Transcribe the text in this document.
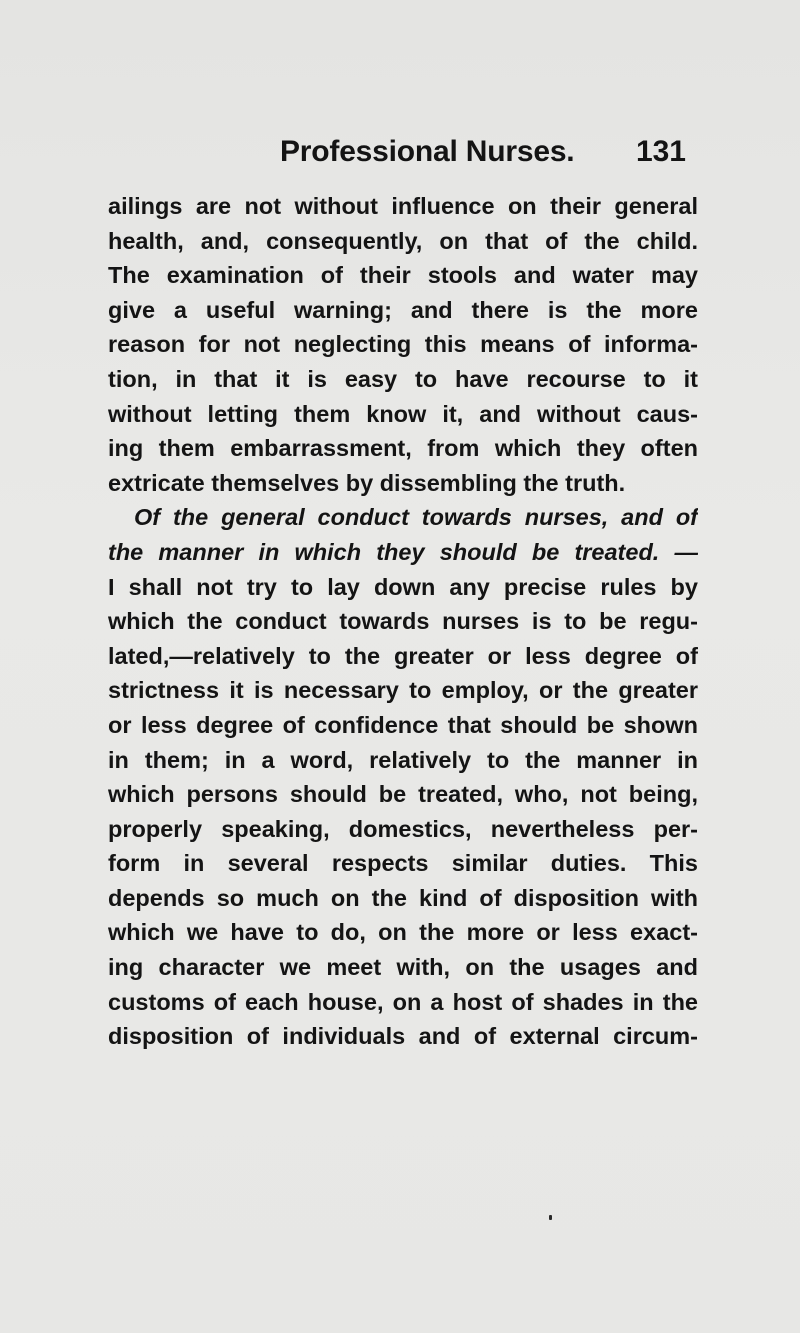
Professional Nurses. 131
ailings are not without influence on their general
health, and, consequently, on that of the child.
The examination of their stools and water may
give a useful warning; and there is the more
reason for not neglecting this means of informa-
tion, in that it is easy to have recourse to it
without letting them know it, and without caus-
ing them embarrassment, from which they often
extricate themselves by dissembling the truth.
Of the general conduct towards nurses, and of
the manner in which they should be treated. —
I shall not try to lay down any precise rules by
which the conduct towards nurses is to be regu-
lated,—relatively to the greater or less degree of
strictness it is necessary to employ, or the greater
or less degree of confidence that should be shown
in them; in a word, relatively to the manner in
which persons should be treated, who, not being,
properly speaking, domestics, nevertheless per-
form in several respects similar duties. This
depends so much on the kind of disposition with
which we have to do, on the more or less exact-
ing character we meet with, on the usages and
customs of each house, on a host of shades in the
disposition of individuals and of external circum-
